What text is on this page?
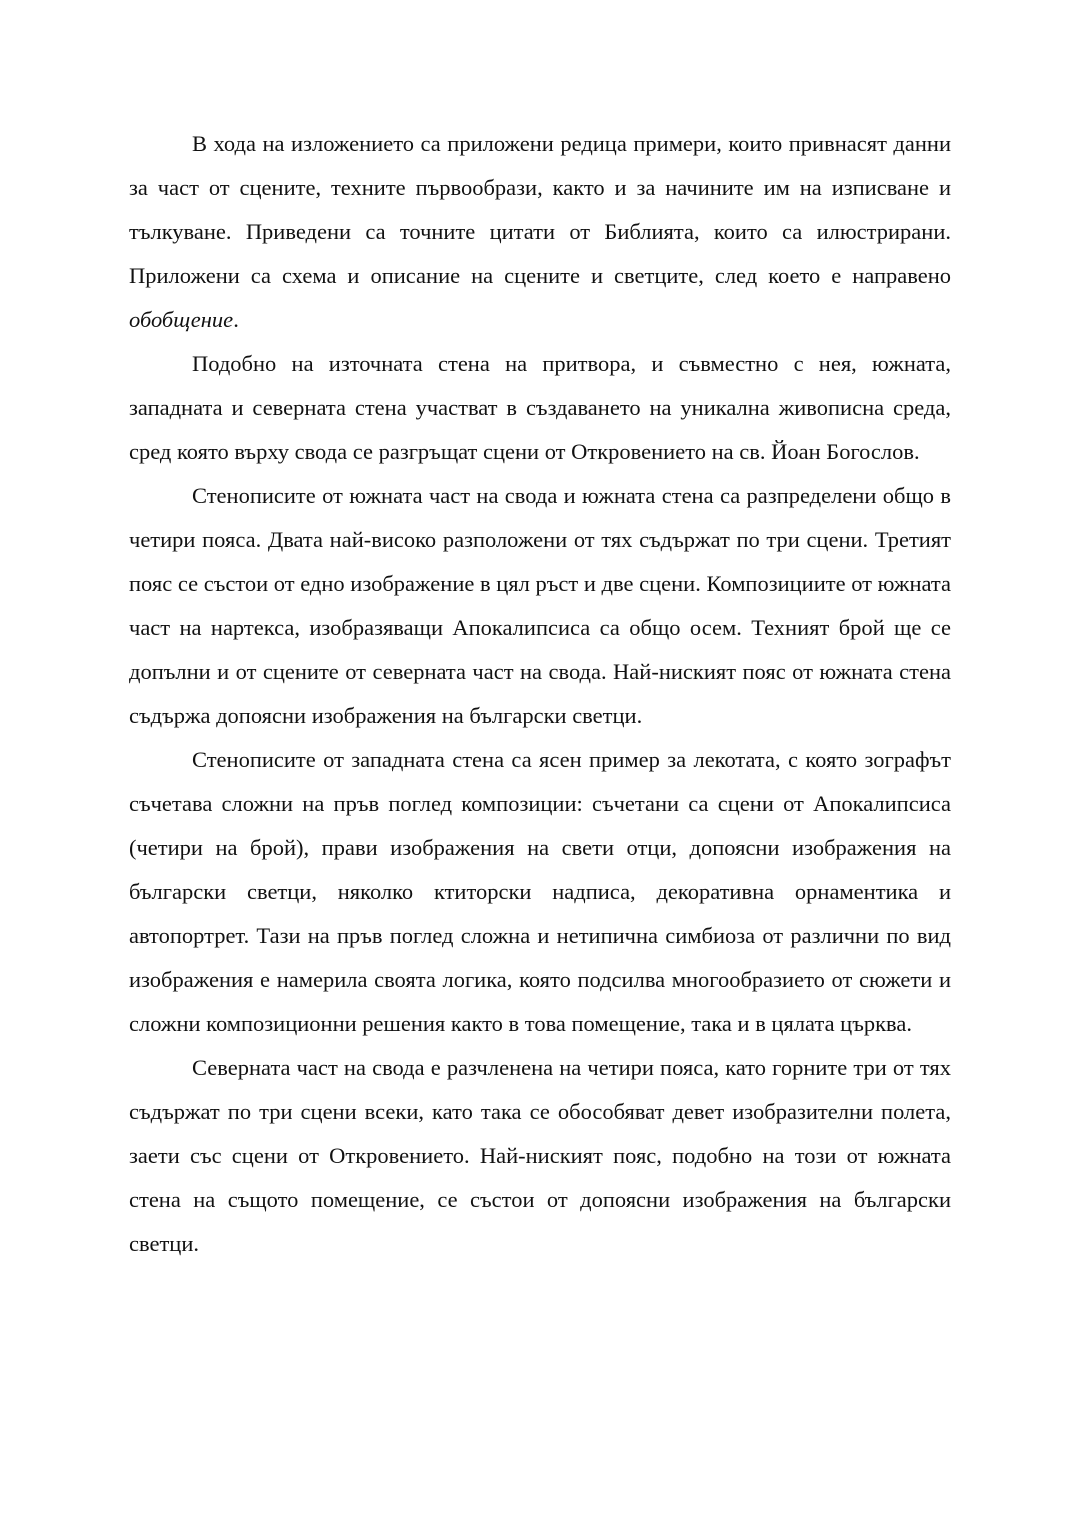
В хода на изложението са приложени редица примери, които привнасят данни за част от сцените, техните първообрази, както и за начините им на изписване и тълкуване. Приведени са точните цитати от Библията, които са илюстрирани. Приложени са схема и описание на сцените и светците, след което е направено обобщение.

Подобно на източната стена на притвора, и съвместно с нея, южната, западната и северната стена участват в създаването на уникална живописна среда, сред която върху свода се разгръщат сцени от Откровението на св. Йоан Богослов.

Стенописите от южната част на свода и южната стена са разпределени общо в четири пояса. Двата най-високо разположени от тях съдържат по три сцени. Третият пояс се състои от едно изображение в цял ръст и две сцени. Композициите от южната част на нартекса, изобразяващи Апокалипсиса са общо осем. Техният брой ще се допълни и от сцените от северната част на свода. Най-ниският пояс от южната стена съдържа допоясни изображения на български светци.

Стенописите от западната стена са ясен пример за лекотата, с която зографът съчетава сложни на пръв поглед композиции: съчетани са сцени от Апокалипсиса (четири на брой), прави изображения на свети отци, допоясни изображения на български светци, няколко ктиторски надписа, декоративна орнаментика и автопортрет. Тази на пръв поглед сложна и нетипична симбиоза от различни по вид изображения е намерила своята логика, която подсилва многообразието от сюжети и сложни композиционни решения както в това помещение, така и в цялата църква.

Северната част на свода е разчленена на четири пояса, като горните три от тях съдържат по три сцени всеки, като така се обособяват девет изобразителни полета, заети със сцени от Откровението. Най-ниският пояс, подобно на този от южната стена на същото помещение, се състои от допоясни изображения на български светци.
